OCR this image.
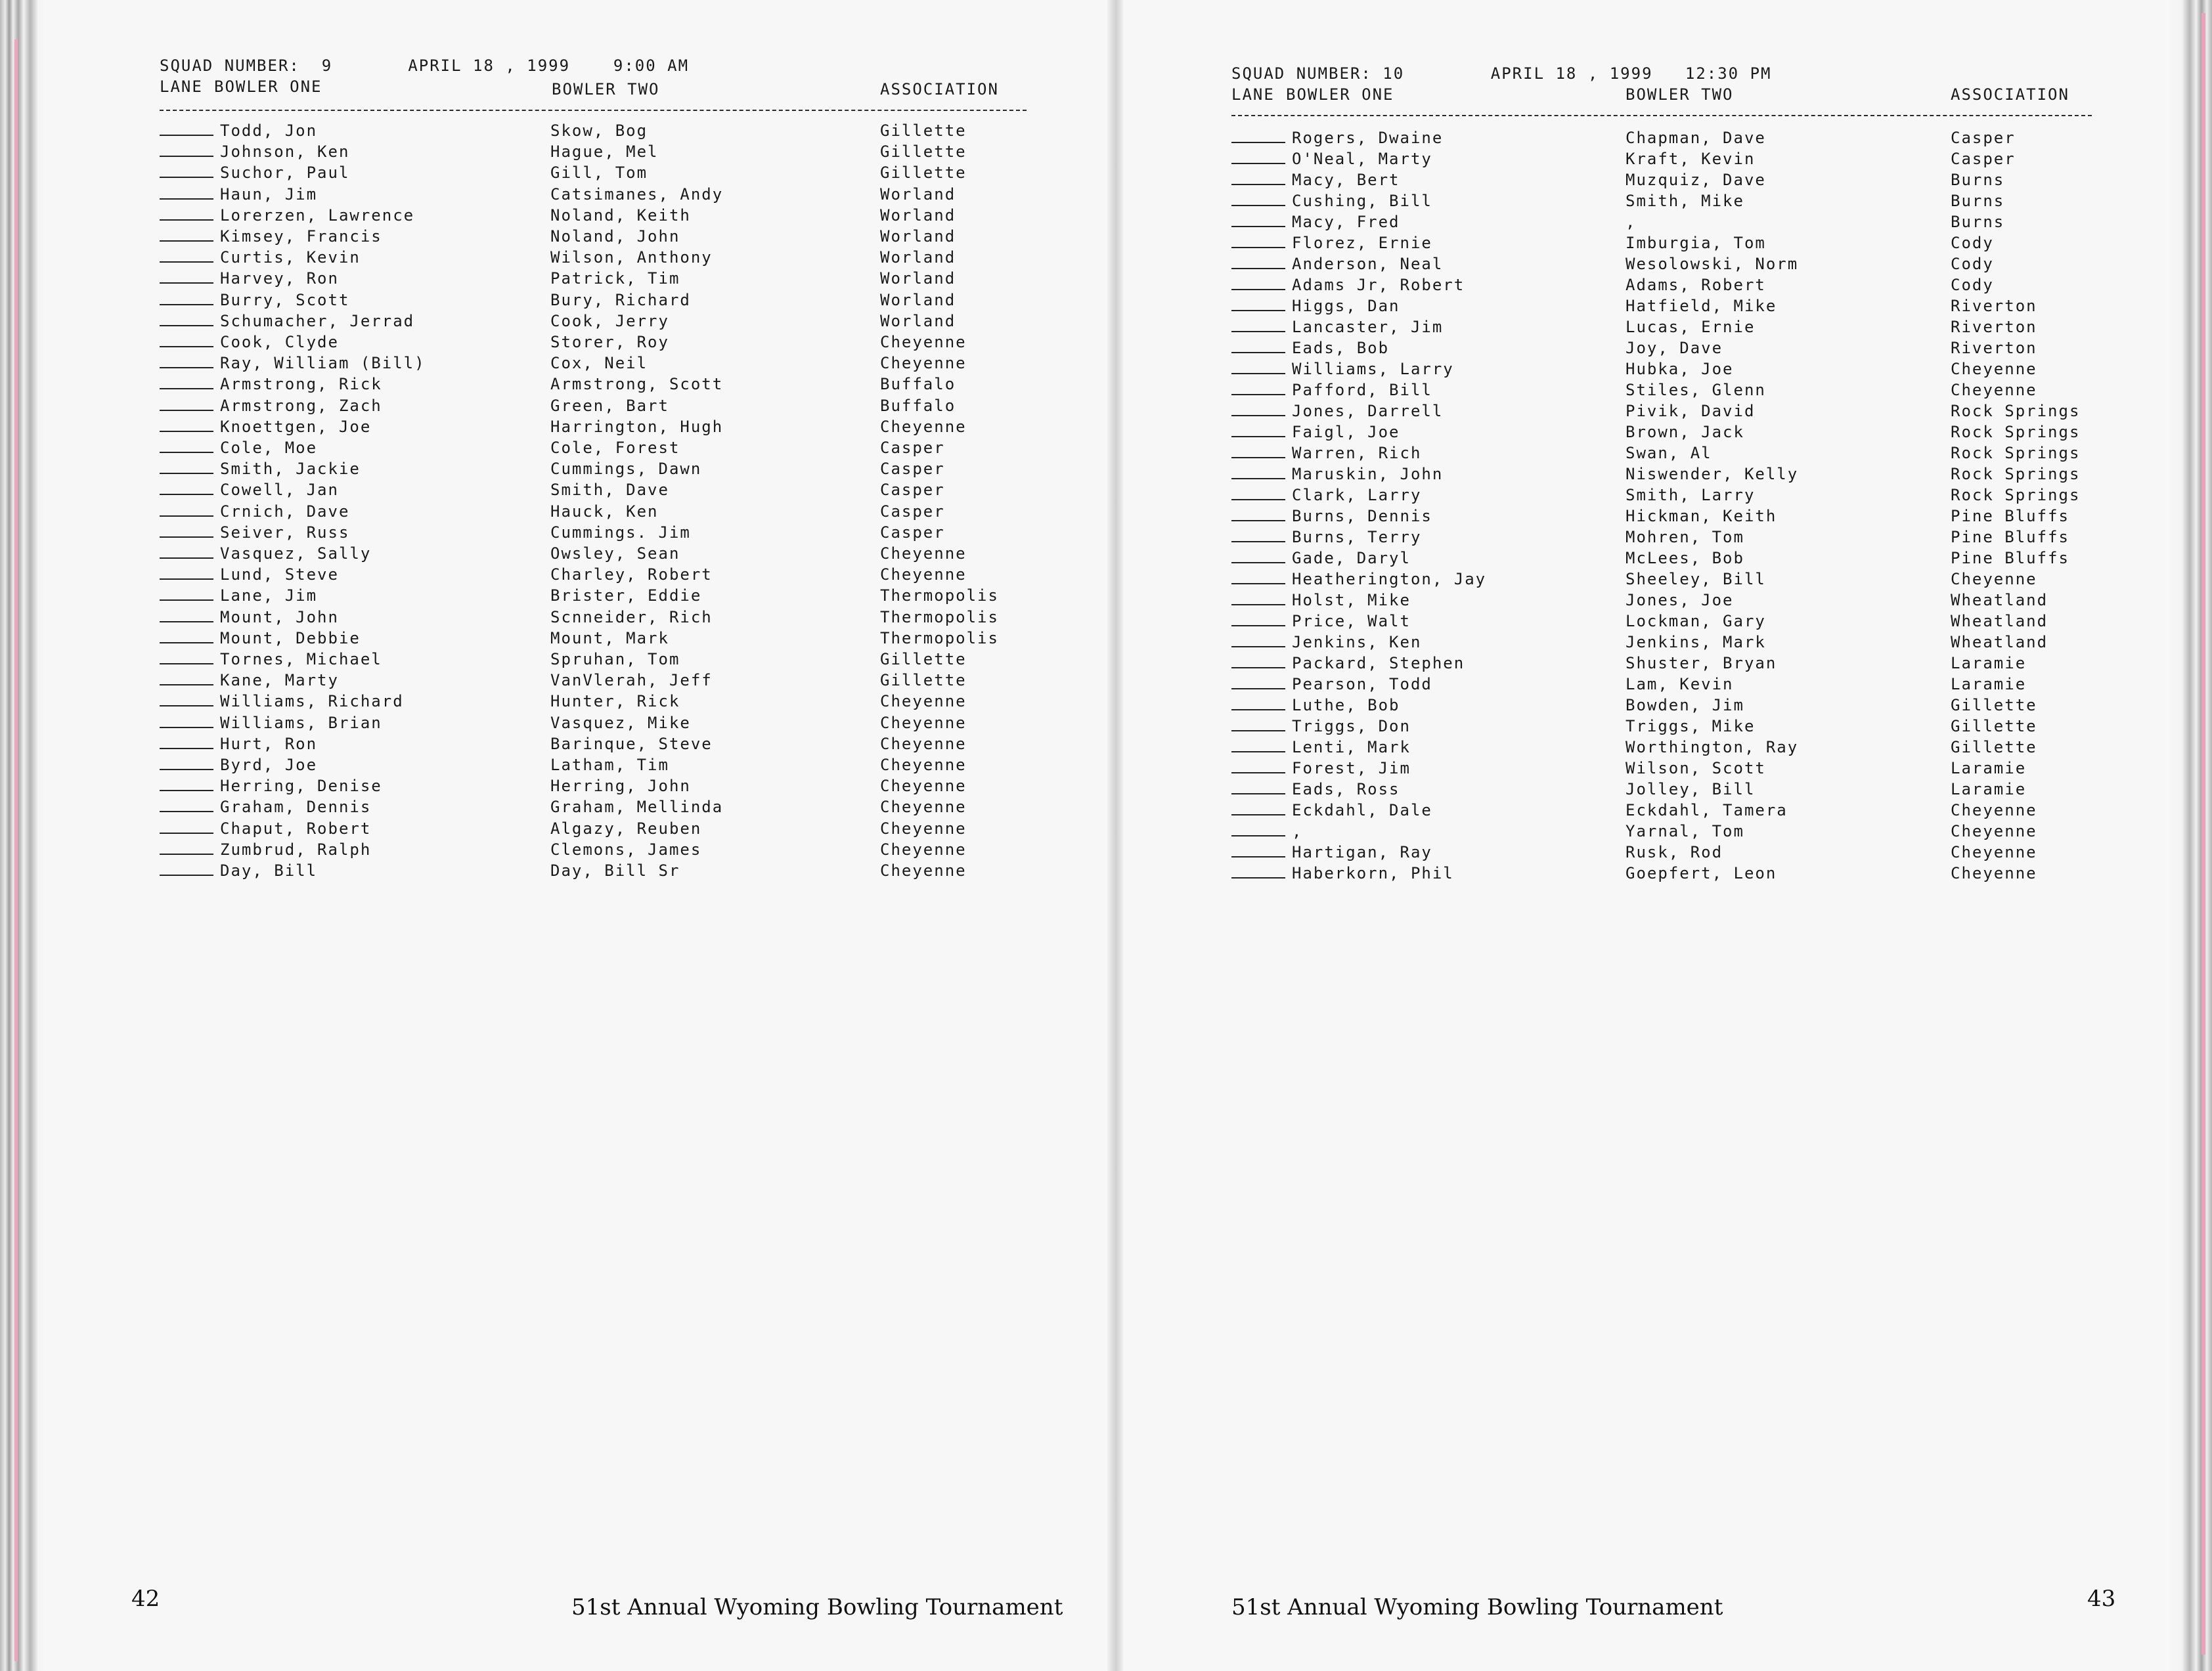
SQUAD NUMBER:  9       APRIL 18 , 1999    9:00 AM
LANE BOWLER ONE	BOWLER TWO	ASSOCIATION
Todd, Jon	Skow, Bog	Gillette
Johnson, Ken	Hague, Mel	Gillette
Suchor, Paul	Gill, Tom	Gillette
Haun, Jim	Catsimanes, Andy	Worland
Lorerzen, Lawrence	Noland, Keith	Worland
Kimsey, Francis	Noland, John	Worland
Curtis, Kevin	Wilson, Anthony	Worland
Harvey, Ron	Patrick, Tim	Worland
Burry, Scott	Bury, Richard	Worland
Schumacher, Jerrad	Cook, Jerry	Worland
Cook, Clyde	Storer, Roy	Cheyenne
Ray, William (Bill)	Cox, Neil	Cheyenne
Armstrong, Rick	Armstrong, Scott	Buffalo
Armstrong, Zach	Green, Bart	Buffalo
Knoettgen, Joe	Harrington, Hugh	Cheyenne
Cole, Moe	Cole, Forest	Casper
Smith, Jackie	Cummings, Dawn	Casper
Cowell, Jan	Smith, Dave	Casper
Crnich, Dave	Hauck, Ken	Casper
Seiver, Russ	Cummings. Jim	Casper
Vasquez, Sally	Owsley, Sean	Cheyenne
Lund, Steve	Charley, Robert	Cheyenne
Lane, Jim	Brister, Eddie	Thermopolis
Mount, John	Scnneider, Rich	Thermopolis
Mount, Debbie	Mount, Mark	Thermopolis
Tornes, Michael	Spruhan, Tom	Gillette
Kane, Marty	VanVlerah, Jeff	Gillette
Williams, Richard	Hunter, Rick	Cheyenne
Williams, Brian	Vasquez, Mike	Cheyenne
Hurt, Ron	Barinque, Steve	Cheyenne
Byrd, Joe	Latham, Tim	Cheyenne
Herring, Denise	Herring, John	Cheyenne
Graham, Dennis	Graham, Mellinda	Cheyenne
Chaput, Robert	Algazy, Reuben	Cheyenne
Zumbrud, Ralph	Clemons, James	Cheyenne
Day, Bill	Day, Bill Sr	Cheyenne
SQUAD NUMBER: 10        APRIL 18 , 1999   12:30 PM
LANE BOWLER ONE	BOWLER TWO	ASSOCIATION
Rogers, Dwaine	Chapman, Dave	Casper
O'Neal, Marty	Kraft, Kevin	Casper
Macy, Bert	Muzquiz, Dave	Burns
Cushing, Bill	Smith, Mike	Burns
Macy, Fred	,	Burns
Florez, Ernie	Imburgia, Tom	Cody
Anderson, Neal	Wesolowski, Norm	Cody
Adams Jr, Robert	Adams, Robert	Cody
Higgs, Dan	Hatfield, Mike	Riverton
Lancaster, Jim	Lucas, Ernie	Riverton
Eads, Bob	Joy, Dave	Riverton
Williams, Larry	Hubka, Joe	Cheyenne
Pafford, Bill	Stiles, Glenn	Cheyenne
Jones, Darrell	Pivik, David	Rock Springs
Faigl, Joe	Brown, Jack	Rock Springs
Warren, Rich	Swan, Al	Rock Springs
Maruskin, John	Niswender, Kelly	Rock Springs
Clark, Larry	Smith, Larry	Rock Springs
Burns, Dennis	Hickman, Keith	Pine Bluffs
Burns, Terry	Mohren, Tom	Pine Bluffs
Gade, Daryl	McLees, Bob	Pine Bluffs
Heatherington, Jay	Sheeley, Bill	Cheyenne
Holst, Mike	Jones, Joe	Wheatland
Price, Walt	Lockman, Gary	Wheatland
Jenkins, Ken	Jenkins, Mark	Wheatland
Packard, Stephen	Shuster, Bryan	Laramie
Pearson, Todd	Lam, Kevin	Laramie
Luthe, Bob	Bowden, Jim	Gillette
Triggs, Don	Triggs, Mike	Gillette
Lenti, Mark	Worthington, Ray	Gillette
Forest, Jim	Wilson, Scott	Laramie
Eads, Ross	Jolley, Bill	Laramie
Eckdahl, Dale	Eckdahl, Tamera	Cheyenne
,	Yarnal, Tom	Cheyenne
Hartigan, Ray	Rusk, Rod	Cheyenne
Haberkorn, Phil	Goepfert, Leon	Cheyenne
42	51st Annual Wyoming Bowling Tournament	51st Annual Wyoming Bowling Tournament	43
